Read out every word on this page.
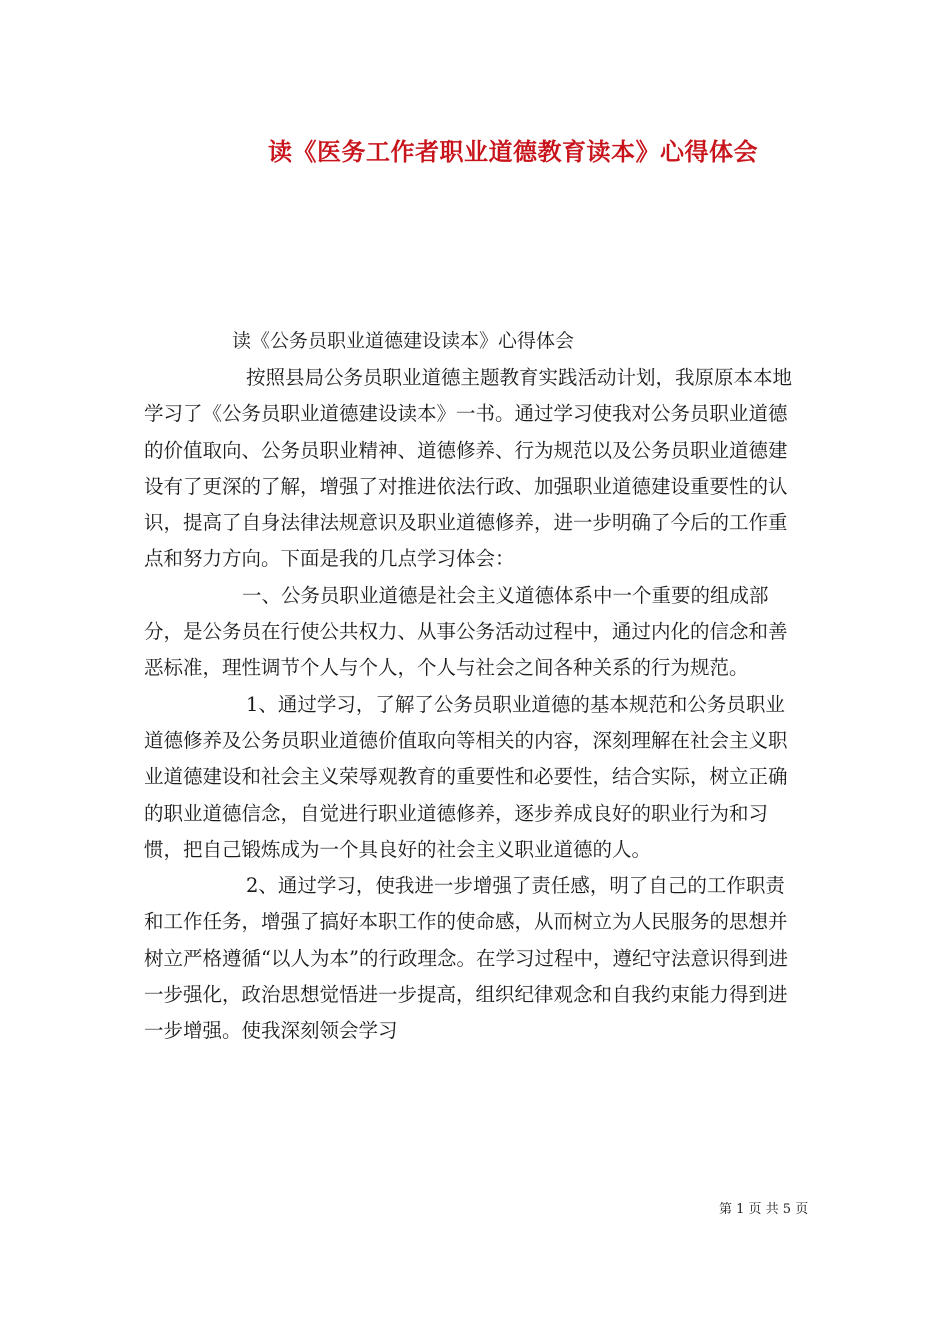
读《医务工作者职业道德教育读本》心得体会
读《公务员职业道德建设读本》心得体会

按照县局公务员职业道德主题教育实践活动计划，我原原本本地学习了《公务员职业道德建设读本》一书。通过学习使我对公务员职业道德的价值取向、公务员职业精神、道德修养、行为规范以及公务员职业道德建设有了更深的了解，增强了对推进依法行政、加强职业道德建设重要性的认识，提高了自身法律法规意识及职业道德修养，进一步明确了今后的工作重点和努力方向。下面是我的几点学习体会：

一、公务员职业道德是社会主义道德体系中一个重要的组成部分，是公务员在行使公共权力、从事公务活动过程中，通过内化的信念和善恶标准，理性调节个人与个人，个人与社会之间各种关系的行为规范。

1、通过学习，了解了公务员职业道德的基本规范和公务员职业道德修养及公务员职业道德价值取向等相关的内容，深刻理解在社会主义职业道德建设和社会主义荣辱观教育的重要性和必要性，结合实际，树立正确的职业道德信念，自觉进行职业道德修养，逐步养成良好的职业行为和习惯，把自己锻炼成为一个具良好的社会主义职业道德的人。

2、通过学习，使我进一步增强了责任感，明了自己的工作职责和工作任务，增强了搞好本职工作的使命感，从而树立为人民服务的思想并树立严格遵循“以人为本”的行政理念。在学习过程中，遵纪守法意识得到进一步强化，政治思想觉悟进一步提高，组织纪律观念和自我约束能力得到进一步增强。使我深刻领会学习

第 1 页 共 5 页
